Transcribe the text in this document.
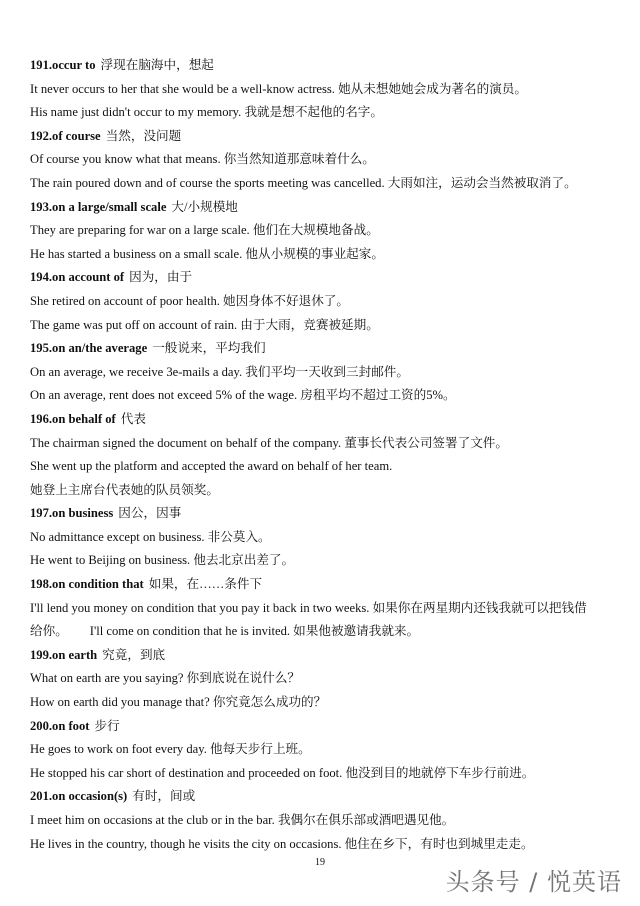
191.occur to 浮现在脑海中，想起
It never occurs to her that she would be a well-know actress. 她从未想她她会成为著名的演员。
His name just didn't occur to my memory. 我就是想不起他的名字。
192.of course 当然，没问题
Of course you know what that means. 你当然知道那意味着什么。
The rain poured down and of course the sports meeting was cancelled. 大雨如注，运动会当然被取消了。
193.on a large/small scale 大/小规模地
They are preparing for war on a large scale. 他们在大规模地备战。
He has started a business on a small scale. 他从小规模的事业起家。
194.on account of 因为，由于
She retired on account of poor health. 她因身体不好退休了。
The game was put off on account of rain. 由于大雨，竞赛被延期。
195.on an/the average 一般说来，平均我们
On an average, we receive 3e-mails a day. 我们平均一天收到三封邮件。
On an average, rent does not exceed 5% of the wage. 房租平均不超过工资的5%。
196.on behalf of 代表
The chairman signed the document on behalf of the company. 董事长代表公司签署了文件。
She went up the platform and accepted the award on behalf of her team.
她登上主席台代表她的队员领奖。
197.on business 因公，因事
No admittance except on business. 非公莫入。
He went to Beijing on business. 他去北京出差了。
198.on condition that 如果，在……条件下
I'll lend you money on condition that you pay it back in two weeks. 如果你在两星期内还钱我就可以把钱借
给你。 I'll come on condition that he is invited. 如果他被邀请我就来。
199.on earth 究竟，到底
What on earth are you saying? 你到底说在说什么？
How on earth did you manage that? 你究竟怎么成功的？
200.on foot 步行
He goes to work on foot every day. 他每天步行上班。
He stopped his car short of destination and proceeded on foot. 他没到目的地就停下车步行前进。
201.on occasion(s) 有时，间或
I meet him on occasions at the club or in the bar. 我偶尔在俱乐部或酒吧遇见他。
He lives in the country, though he visits the city on occasions. 他住在乡下，有时也到城里走走。
19
头条号 / 悦英语
